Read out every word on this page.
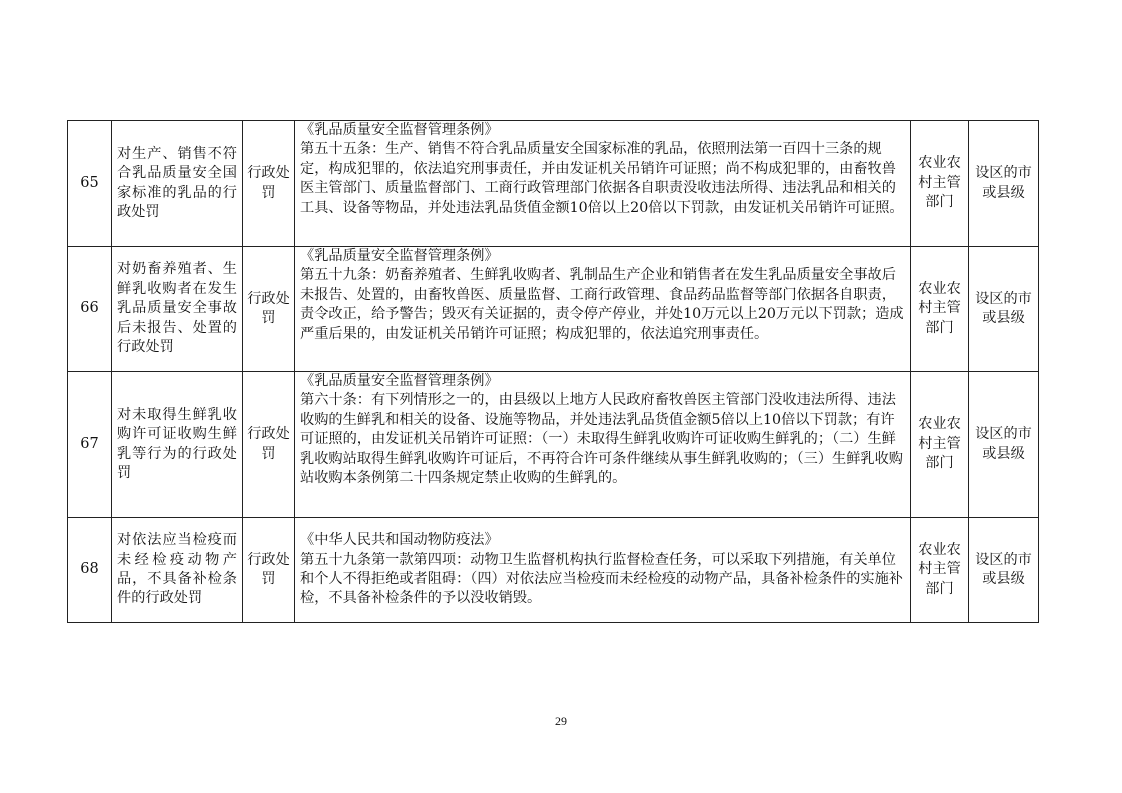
65	对生产、销售不符合乳品质量安全国家标准的乳品的行政处罚	行政处罚	《乳品质量安全监督管理条例》
第五十五条：生产、销售不符合乳品质量安全国家标准的乳品，依照刑法第一百四十三条的规定，构成犯罪的，依法追究刑事责任，并由发证机关吊销许可证照；尚不构成犯罪的，由畜牧兽医主管部门、质量监督部门、工商行政管理部门依据各自职责没收违法所得、违法乳品和相关的工具、设备等物品，并处违法乳品货值金额10倍以上20倍以下罚款，由发证机关吊销许可证照。	农业农村主管部门	设区的市或县级
66	对奶畜养殖者、生鲜乳收购者在发生乳品质量安全事故后未报告、处置的行政处罚	行政处罚	《乳品质量安全监督管理条例》
第五十九条：奶畜养殖者、生鲜乳收购者、乳制品生产企业和销售者在发生乳品质量安全事故后未报告、处置的，由畜牧兽医、质量监督、工商行政管理、食品药品监督等部门依据各自职责，责令改正，给予警告；毁灭有关证据的，责令停产停业，并处10万元以上20万元以下罚款；造成严重后果的，由发证机关吊销许可证照；构成犯罪的，依法追究刑事责任。	农业农村主管部门	设区的市或县级
67	对未取得生鲜乳收购许可证收购生鲜乳等行为的行政处罚	行政处罚	《乳品质量安全监督管理条例》
第六十条：有下列情形之一的，由县级以上地方人民政府畜牧兽医主管部门没收违法所得、违法收购的生鲜乳和相关的设备、设施等物品，并处违法乳品货值金额5倍以上10倍以下罚款；有许可证照的，由发证机关吊销许可证照：（一）未取得生鲜乳收购许可证收购生鲜乳的；（二）生鲜乳收购站取得生鲜乳收购许可证后，不再符合许可条件继续从事生鲜乳收购的；（三）生鲜乳收购站收购本条例第二十四条规定禁止收购的生鲜乳的。	农业农村主管部门	设区的市或县级
68	对依法应当检疫而未经检疫动物产品，不具备补检条件的行政处罚	行政处罚	《中华人民共和国动物防疫法》
第五十九条第一款第四项：动物卫生监督机构执行监督检查任务，可以采取下列措施，有关单位和个人不得拒绝或者阻碍：（四）对依法应当检疫而未经检疫的动物产品，具备补检条件的实施补检，不具备补检条件的予以没收销毁。	农业农村主管部门	设区的市或县级
29
